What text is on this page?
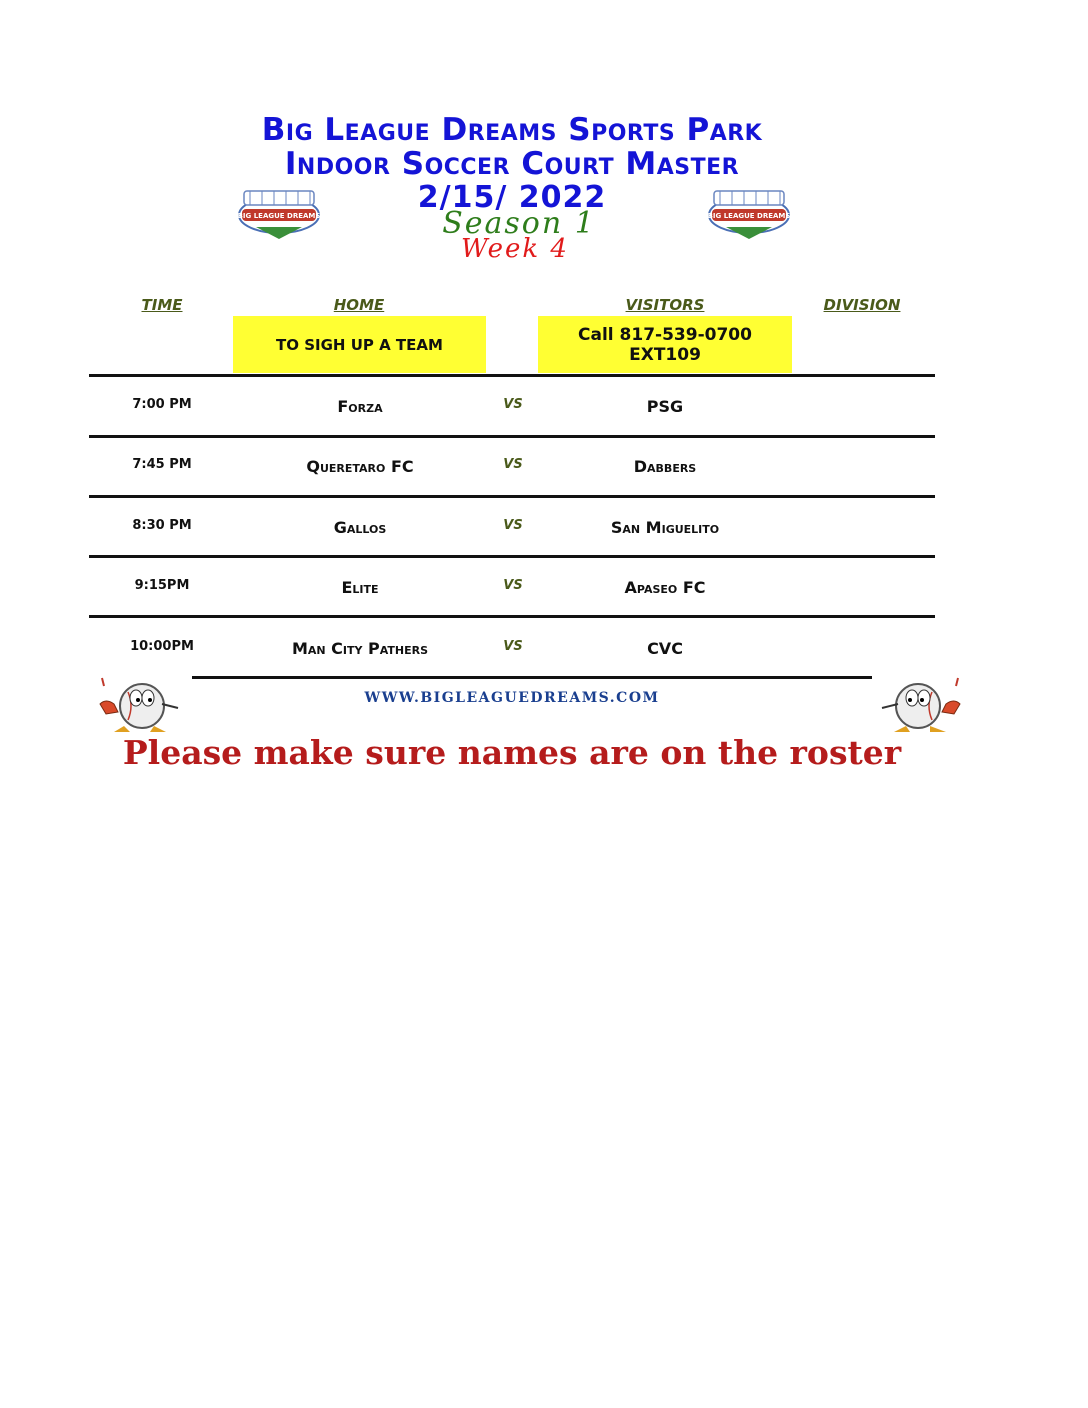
Big League Dreams Sports Park
Indoor Soccer Court Master
2/15/ 2022
Season 1
Week 4
BIG LEAGUE DREAMS	BIG LEAGUE DREAMS
TIME	HOME	VISITORS	DIVISION
TO SIGH UP A TEAM	Call 817-539-0700
EXT109
7:00 PM	Forza	VS	PSG
7:45 PM	Queretaro FC	VS	Dabbers
8:30 PM	Gallos	VS	San Miguelito
9:15PM	Elite	VS	Apaseo FC
10:00PM	Man City Pathers	VS	CVC
WWW.BIGLEAGUEDREAMS.COM
Please make sure names are on the roster
